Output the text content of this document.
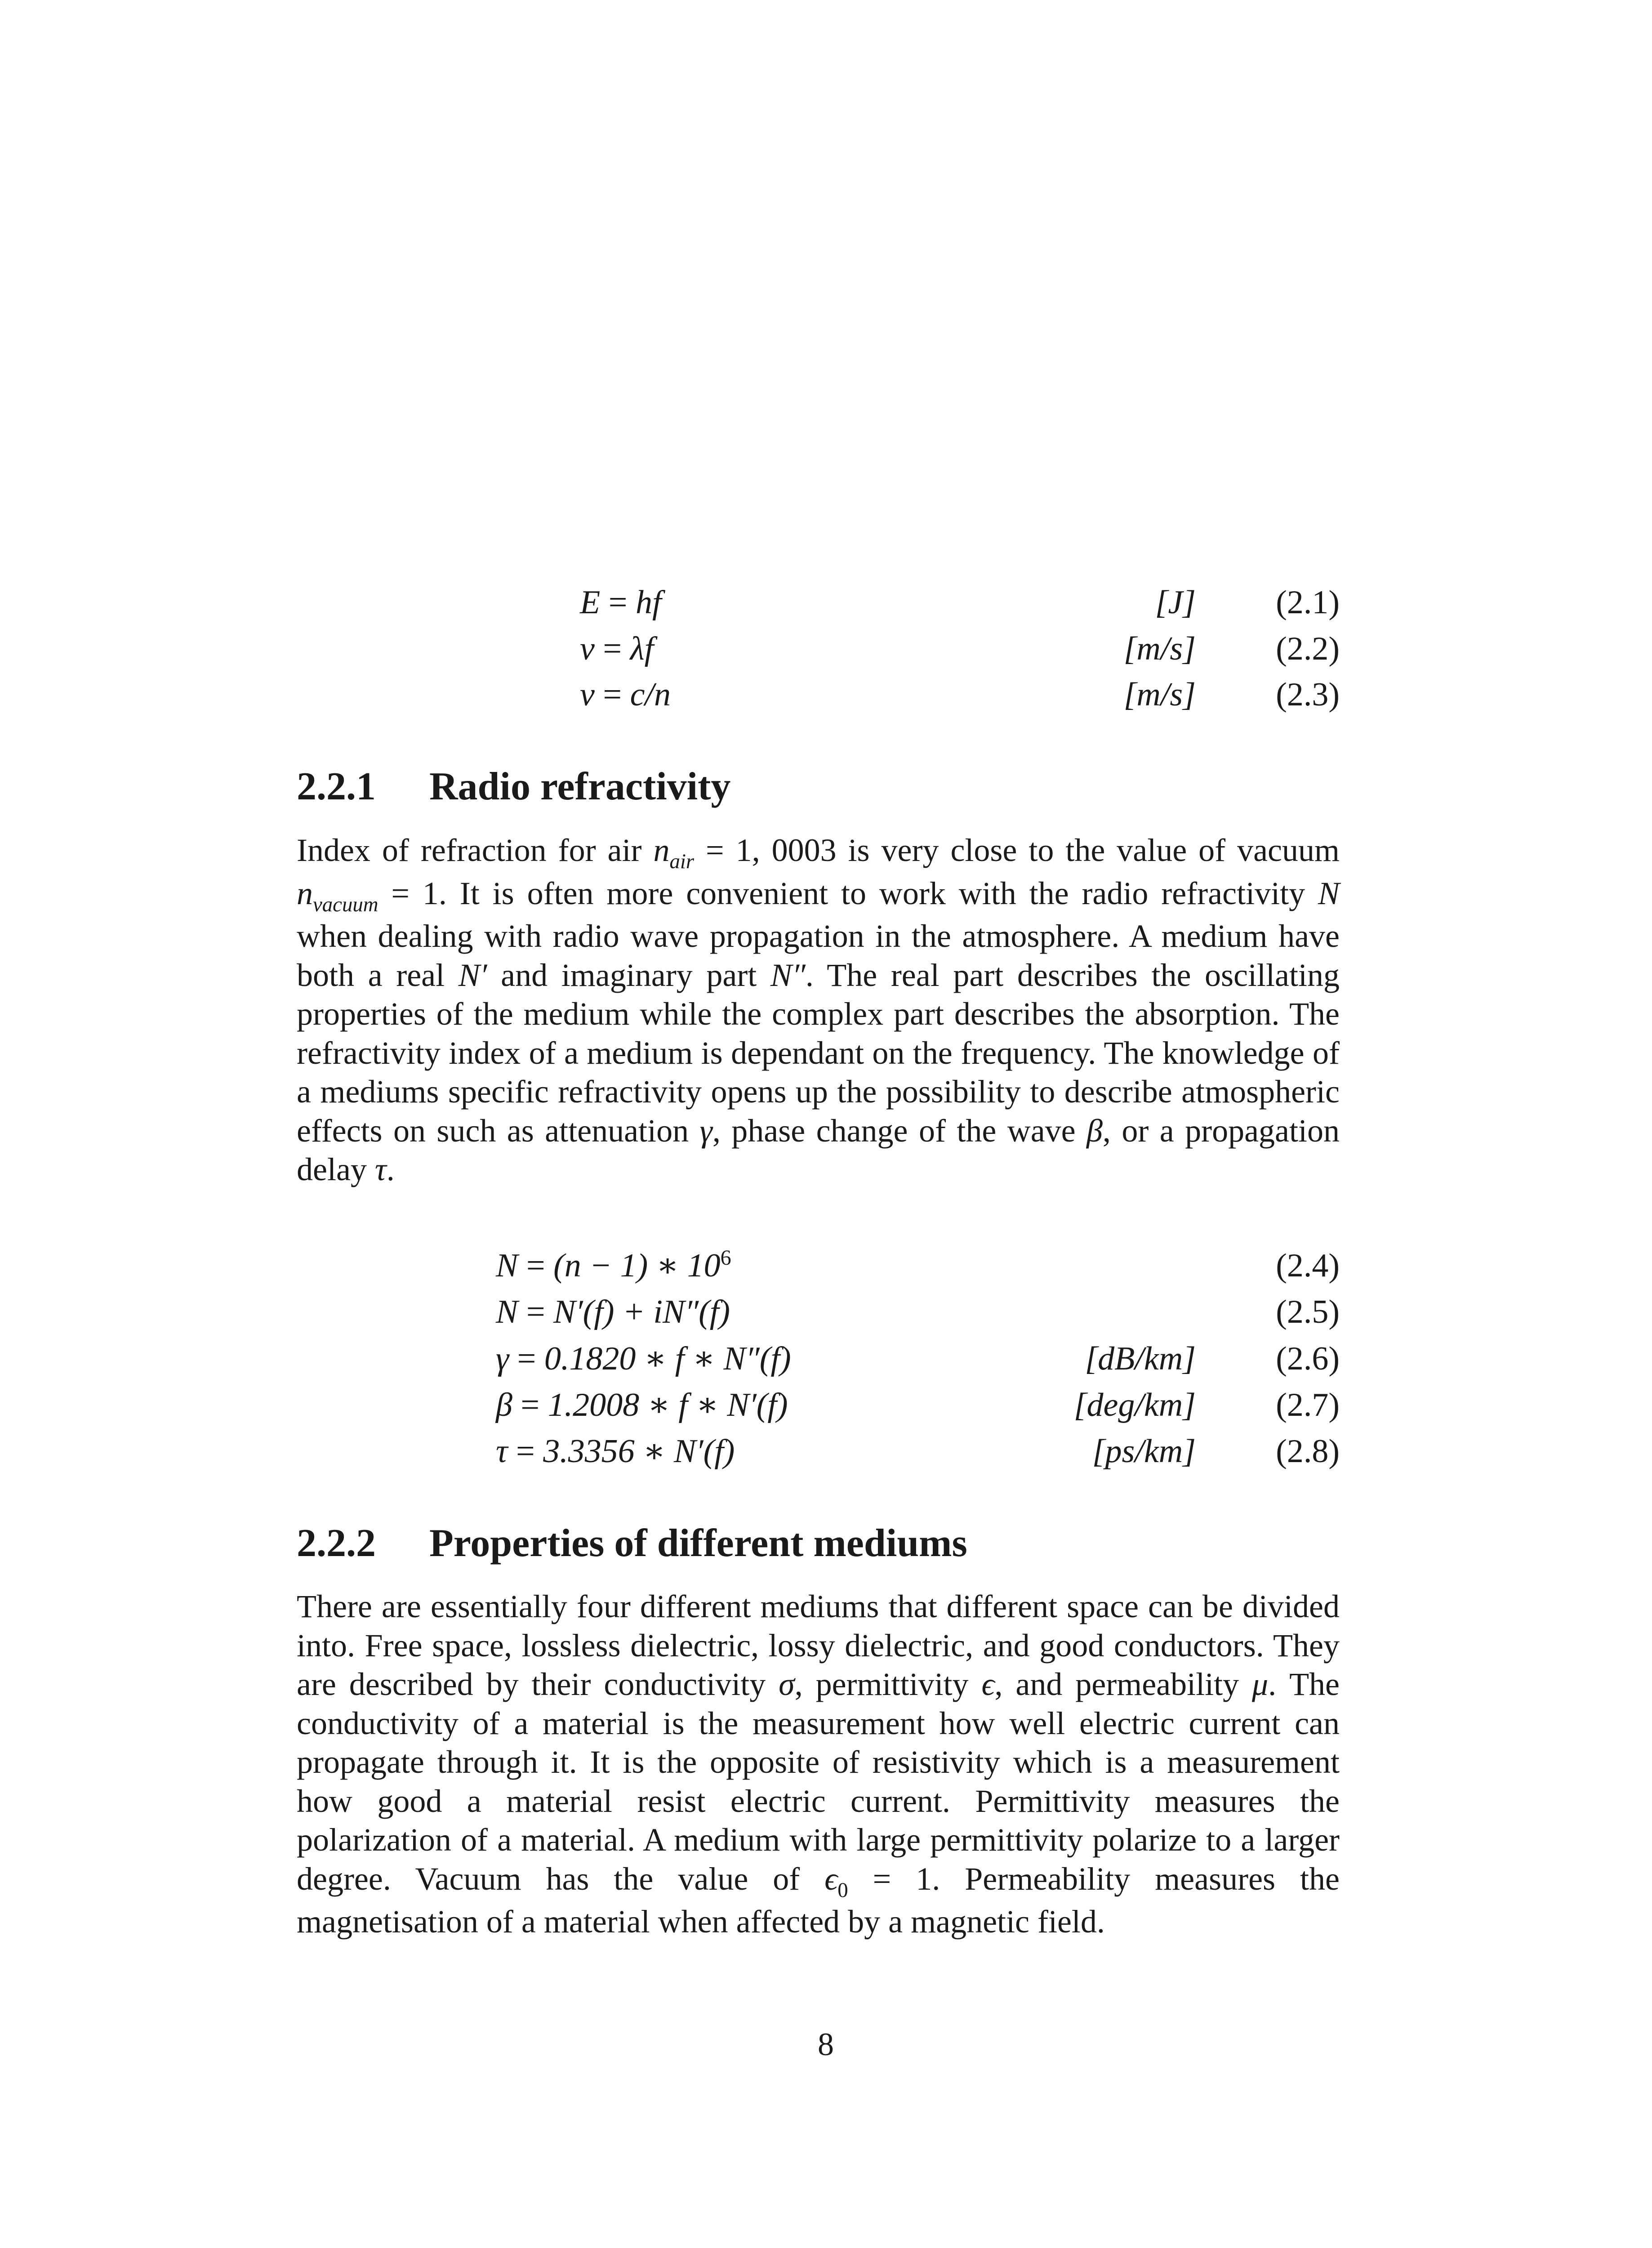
E = hf	[J] (2.1)
v = λf	[m/s] (2.2)
v = c/n	[m/s] (2.3)
2.2.1 Radio refractivity

Index of refraction for air $n_{air} = 1$, 0003 is very close to the value of vacuum $n_{vacuum} = 1$. It is often more convenient to work with the radio refractivity N when dealing with radio wave propagation in the atmosphere. A medium have both a real N′ and imaginary part N″. The real part describes the oscillating properties of the medium while the complex part describes the absorption. The refractivity index of a medium is dependant on the frequency. The knowledge of a mediums specific refractivity opens up the possibility to describe atmospheric effects on such as attenuation γ, phase change of the wave β, or a propagation delay τ.

N = (n − 1) ∗ $10^6$	(2.4)
N = N′(f) + iN″(f)	(2.5)
γ = 0.1820 ∗ f ∗ N″(f)	[dB/km] (2.6)
β = 1.2008 ∗ f ∗ N′(f)	[deg/km] (2.7)
τ = 3.3356 ∗ N′(f)	[ps/km] (2.8)
2.2.2 Properties of different mediums

There are essentially four different mediums that different space can be divided into. Free space, lossless dielectric, lossy dielectric, and good conductors. They are described by their conductivity σ, permittivity ϵ, and permeability μ. The conductivity of a material is the measurement how well electric current can propagate through it. It is the opposite of resistivity which is a measurement how good a material resist electric current. Permittivity measures the polarization of a material. A medium with large permittivity polarize to a larger degree. Vacuum has the value of $\epsilon_0 = 1$. Permeability measures the magnetisation of a material when affected by a magnetic field.

8
